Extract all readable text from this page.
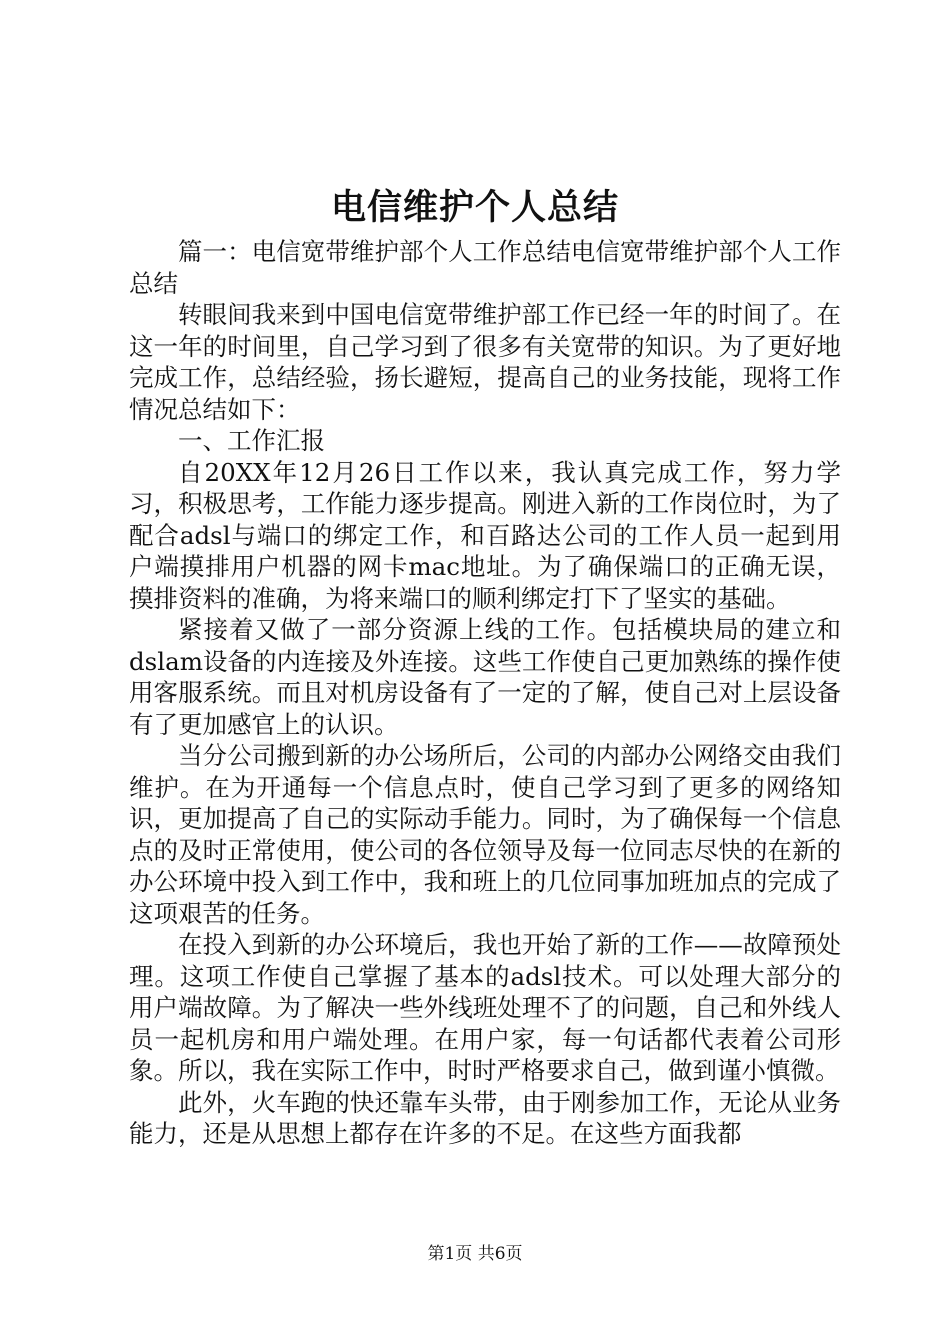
电信维护个人总结

篇一：电信宽带维护部个人工作总结电信宽带维护部个人工作总结

转眼间我来到中国电信宽带维护部工作已经一年的时间了。在这一年的时间里，自己学习到了很多有关宽带的知识。为了更好地完成工作，总结经验，扬长避短，提高自己的业务技能，现将工作情况总结如下：

一、工作汇报

自20XX年12月26日工作以来，我认真完成工作，努力学习，积极思考，工作能力逐步提高。刚进入新的工作岗位时，为了配合adsl与端口的绑定工作，和百路达公司的工作人员一起到用户端摸排用户机器的网卡mac地址。为了确保端口的正确无误，摸排资料的准确，为将来端口的顺利绑定打下了坚实的基础。

紧接着又做了一部分资源上线的工作。包括模块局的建立和dslam设备的内连接及外连接。这些工作使自己更加熟练的操作使用客服系统。而且对机房设备有了一定的了解，使自己对上层设备有了更加感官上的认识。

当分公司搬到新的办公场所后，公司的内部办公网络交由我们维护。在为开通每一个信息点时，使自己学习到了更多的网络知识，更加提高了自己的实际动手能力。同时，为了确保每一个信息点的及时正常使用，使公司的各位领导及每一位同志尽快的在新的办公环境中投入到工作中，我和班上的几位同事加班加点的完成了这项艰苦的任务。

在投入到新的办公环境后，我也开始了新的工作——故障预处理。这项工作使自己掌握了基本的adsl技术。可以处理大部分的用户端故障。为了解决一些外线班处理不了的问题，自己和外线人员一起机房和用户端处理。在用户家，每一句话都代表着公司形象。所以，我在实际工作中，时时严格要求自己，做到谨小慎微。

此外，火车跑的快还靠车头带，由于刚参加工作，无论从业务能力，还是从思想上都存在许多的不足。在这些方面我都

第1页 共6页
